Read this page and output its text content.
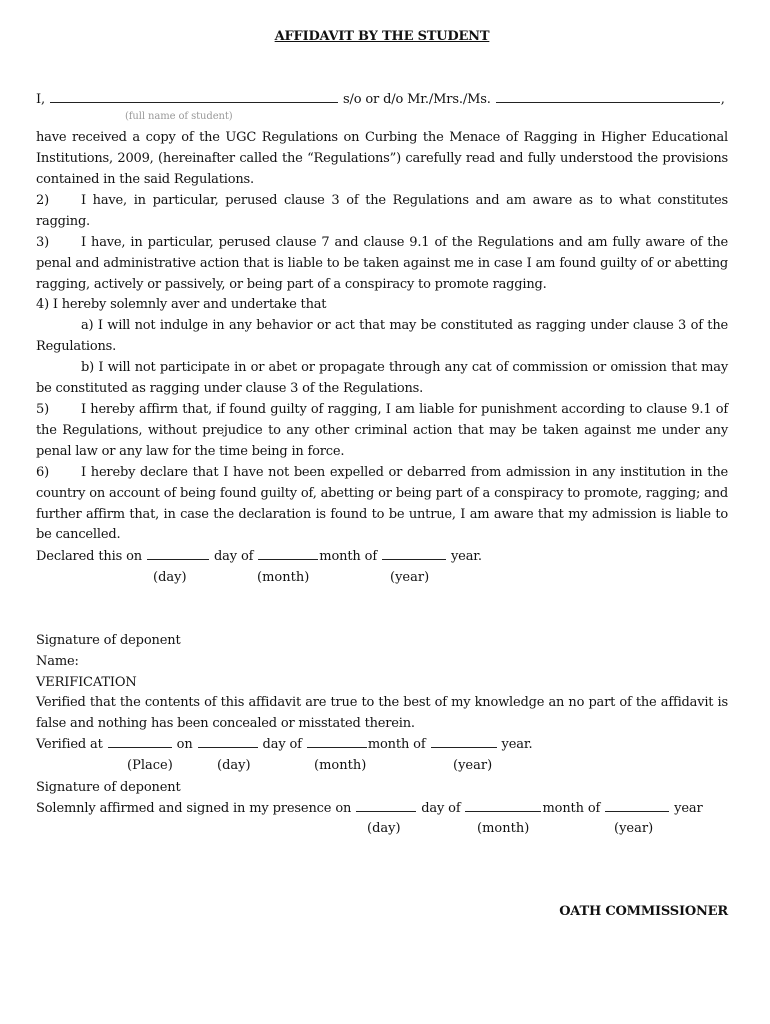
AFFIDAVIT BY THE STUDENT
I,	s/o or d/o Mr./Mrs./Ms.	,
(full name of student)
have received a copy of the UGC Regulations on Curbing the Menace of Ragging in Higher Educational Institutions, 2009, (hereinafter called the “Regulations”) carefully read and fully understood the provisions contained in the said Regulations.
2) I have, in particular, perused clause 3 of the Regulations and am aware as to what constitutes ragging.
3) I have, in particular, perused clause 7 and clause 9.1 of the Regulations and am fully aware of the penal and administrative action that is liable to be taken against me in case I am found guilty of or abetting ragging, actively or passively, or being part of a conspiracy to promote ragging.
4) I hereby solemnly aver and undertake that
a) I will not indulge in any behavior or act that may be constituted as ragging under clause 3 of the Regulations.
b) I will not participate in or abet or propagate through any cat of commission or omission that may be constituted as ragging under clause 3 of the Regulations.
5) I hereby affirm that, if found guilty of ragging, I am liable for punishment according to clause 9.1 of the Regulations, without prejudice to any other criminal action that may be taken against me under any penal law or any law for the time being in force.
6) I hereby declare that I have not been expelled or debarred from admission in any institution in the country on account of being found guilty of, abetting or being part of a conspiracy to promote, ragging; and further affirm that, in case the declaration is found to be untrue, I am aware that my admission is liable to be cancelled.
Declared this on	day of	month of	year.
(day)	(month)	(year)
Signature of deponent
Name:
VERIFICATION
Verified that the contents of this affidavit are true to the best of my knowledge an no part of the affidavit is false and nothing has been concealed or misstated therein.
Verified at	on	day of	month of	year.
(Place)	(day)	(month)	(year)
Signature of deponent
Solemnly affirmed and signed in my presence on	day of	month of	year
(day)	(month)	(year)
OATH COMMISSIONER
